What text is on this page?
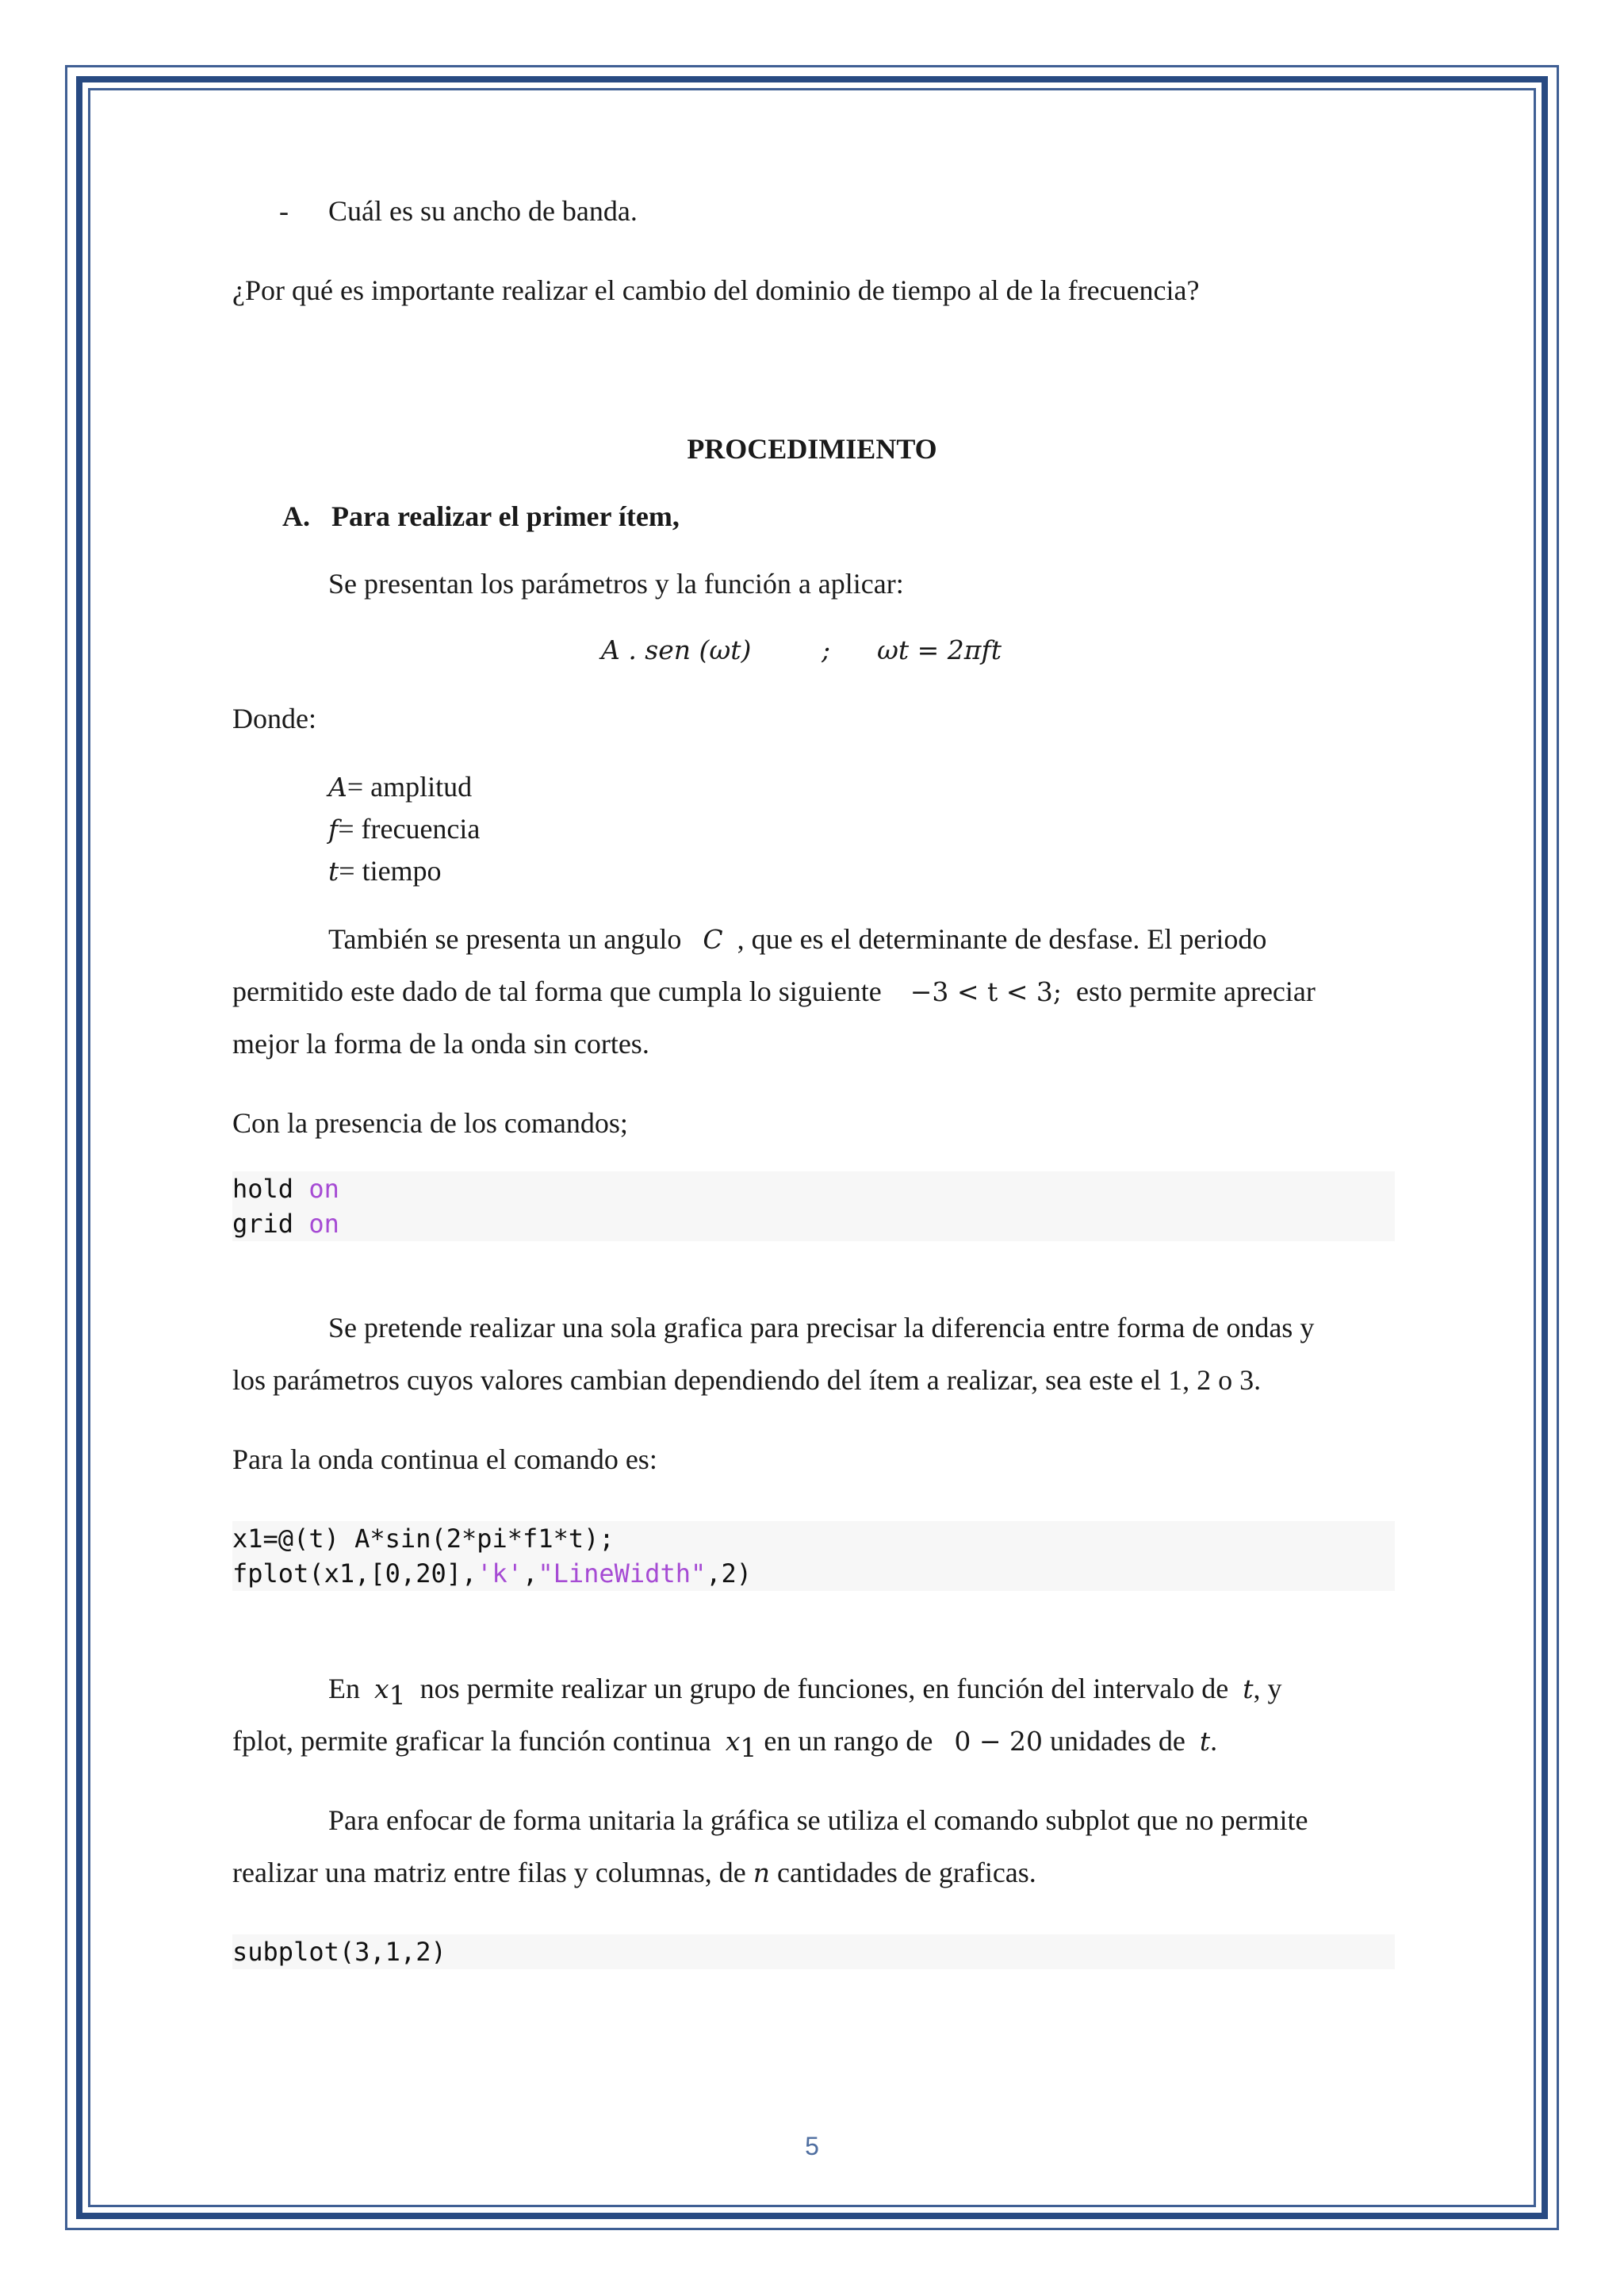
- Cuál es su ancho de banda.
¿Por qué es importante realizar el cambio del dominio de tiempo al de la frecuencia?
PROCEDIMIENTO
A. Para realizar el primer ítem,
Se presentan los parámetros y la función a aplicar:
A . sen (ωt)	; ωt = 2πft
Donde:
A= amplitud
f= frecuencia
t= tiempo
También se presenta un angulo C , que es el determinante de desfase. El periodo
permitido este dado de tal forma que cumpla lo siguiente −3 < t < 3; esto permite apreciar
mejor la forma de la onda sin cortes.
Con la presencia de los comandos;
hold on
grid on
Se pretende realizar una sola grafica para precisar la diferencia entre forma de ondas y
los parámetros cuyos valores cambian dependiendo del ítem a realizar, sea este el 1, 2 o 3.
Para la onda continua el comando es:
x1=@(t) A*sin(2*pi*f1*t);
fplot(x1,[0,20],'k',"LineWidth",2)
En $x_1$ nos permite realizar un grupo de funciones, en función del intervalo de t, y
fplot, permite graficar la función continua $x_1$ en un rango de 0 − 20 unidades de t.
Para enfocar de forma unitaria la gráfica se utiliza el comando subplot que no permite
realizar una matriz entre filas y columnas, de n cantidades de graficas.
subplot(3,1,2)
5
